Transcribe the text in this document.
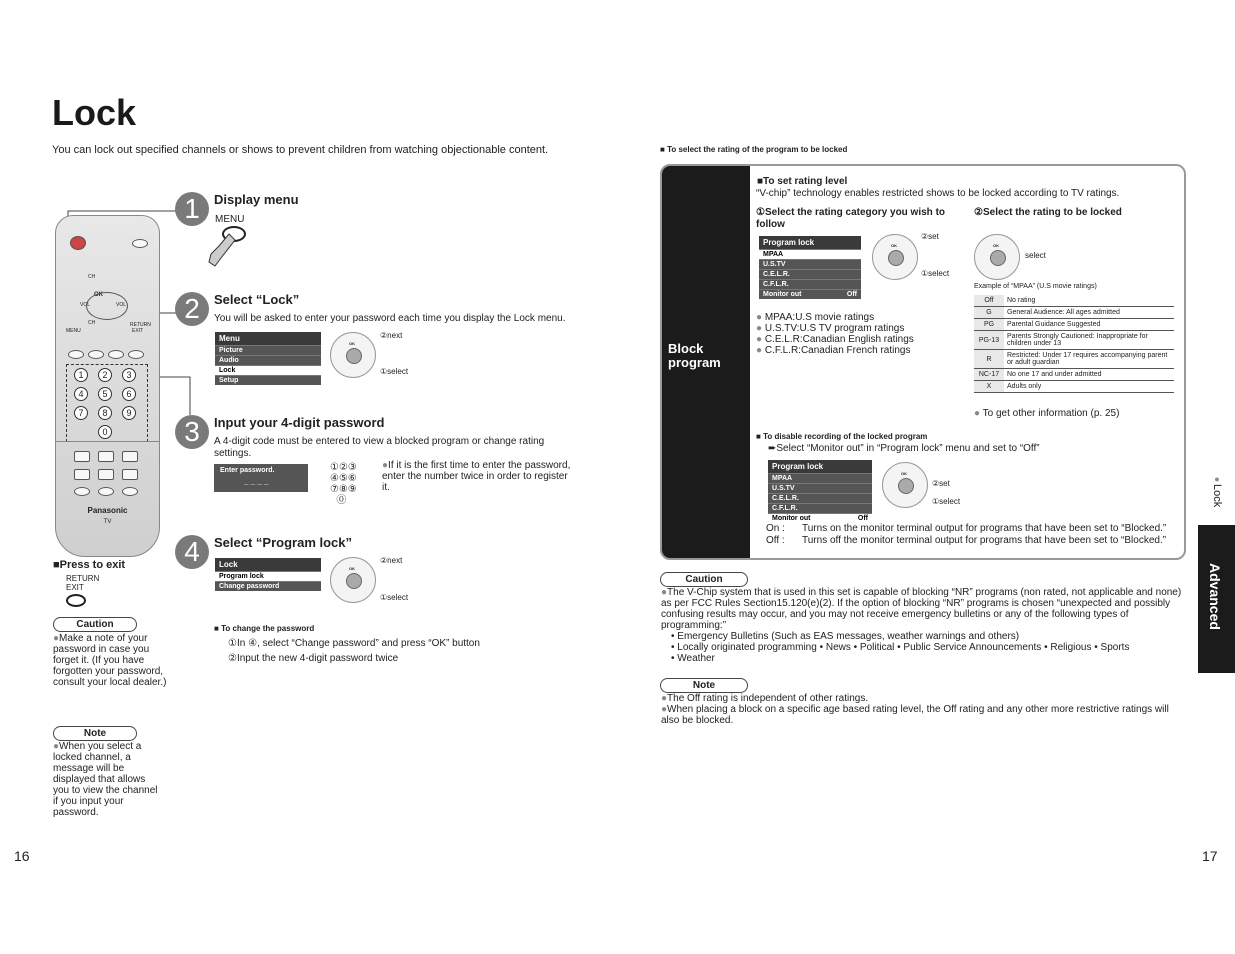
Lock
You can lock out specified channels or shows to prevent children from watching objectionable content.
CH
OK
VOL	VOL
CH
MENU
RETURN
EXIT
1	2	3
4	5	6
7	8	9
0
Panasonic
TV
1	Display menu
MENU
2	Select “Lock”
You will be asked to enter your password each time you display the Lock menu.
Menu
Picture
Audio
Lock
Setup
OK
②next
①select
3	Input your 4-digit password
A 4-digit code must be entered to view a blocked program or change rating settings.
Enter password.
_ _ _ _
①②③
④⑤⑥
⑦⑧⑨
⓪
●If it is the first time to enter the password, enter the number twice in order to register it.
4	Select “Program lock”
Lock
Program lock
Change password
OK
②next
①select
■ To change the password
①In ④, select “Change password” and press “OK” button
②Input the new 4-digit password twice
■Press to exit
RETURN
EXIT
Caution
●Make a note of your password in case you forget it. (If you have forgotten your password, consult your local dealer.)
Note
●When you select a locked channel, a message will be displayed that allows you to view the channel if you input your password.
16
■ To select the rating of the program to be locked
Block
program
■To set rating level
“V-chip” technology enables restricted shows to be locked according to TV ratings.
①Select the rating category you wish to follow
②Select the rating to be locked
Program lock
MPAA
U.S.TV
C.E.L.R.
C.F.L.R.
Monitor out	Off
OK
②set
①select
OK
select
● MPAA:U.S movie ratings
● U.S.TV:U.S TV program ratings
● C.E.L.R:Canadian English ratings
● C.F.L.R:Canadian French ratings
Example of “MPAA” (U.S movie ratings)
Off	No rating
G	General Audience: All ages admitted
PG	Parental Guidance Suggested
PG-13	Parents Strongly Cautioned: Inappropriate for children under 13
R	Restricted: Under 17 requires accompanying parent or adult guardian
NC-17	No one 17 and under admitted
X	Adults only
● To get other information (p. 25)
■ To disable recording of the locked program
➨Select “Monitor out” in “Program lock” menu and set to “Off”
Program lock
MPAA
U.S.TV
C.E.L.R.
C.F.L.R.
Monitor out	Off
OK
②set
①select
On : Turns on the monitor terminal output for programs that have been set to “Blocked.”
Off : Turns off the monitor terminal output for programs that have been set to “Blocked.”
Caution
●The V-Chip system that is used in this set is capable of blocking “NR” programs (non rated, not applicable and none) as per FCC Rules Section15.120(e)(2). If the option of blocking “NR” programs is chosen “unexpected and possibly confusing results may occur, and you may not receive emergency bulletins or any of the following types of programming:”
• Emergency Bulletins (Such as EAS messages, weather warnings and others)
• Locally originated programming • News • Political • Public Service Announcements • Religious • Sports
• Weather
Note
●The Off rating is independent of other ratings.
●When placing a block on a specific age based rating level, the Off rating and any other more restrictive ratings will also be blocked.
●
Lock
Advanced
17
